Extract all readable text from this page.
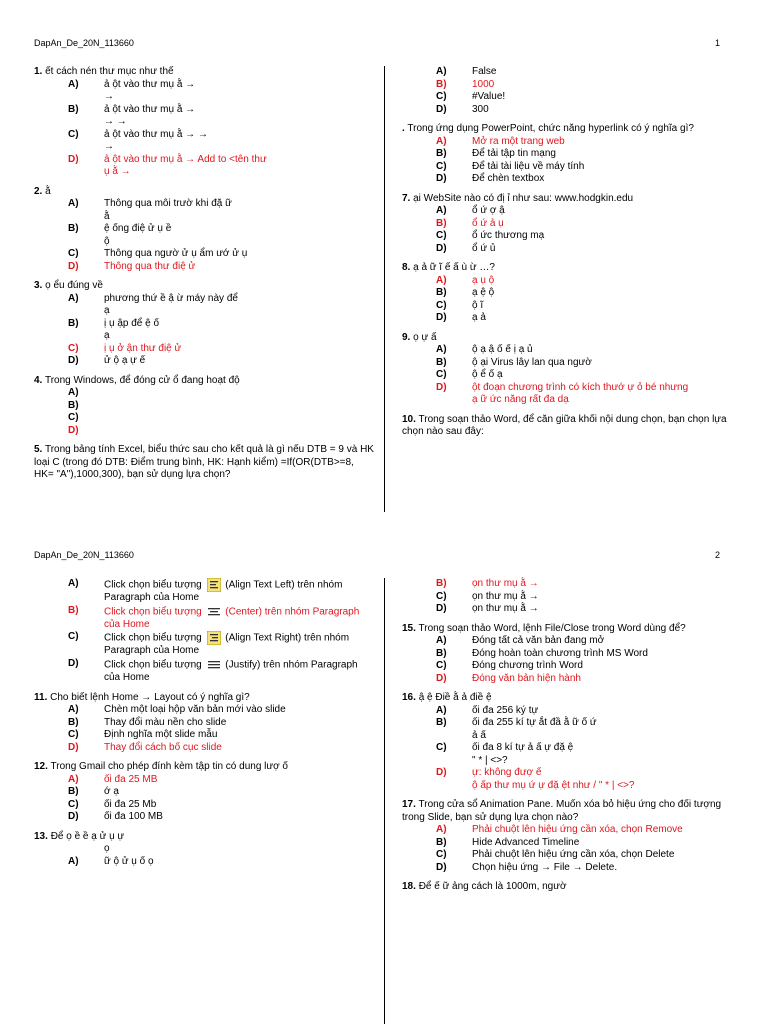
DapAn_De_20N_113660	1
1. ết cách nén thư mục như thế
A)	ả ột vào thư mụ ằ →
→
B)	ả ột vào thư mụ ằ →
→ →
C)	ả ột vào thư mụ ằ → →
→
D)	ả ột vào thư mụ ằ → Add to <tên thư
ụ ằ →
2. ằ
A)	Thông qua môi trườ khi đặ ữ
ằ
B)	ệ ống điệ ử ụ ề
ộ
C)	Thông qua ngườ ử ụ ẩm ướ ử ụ
D)	Thông qua thư điệ ử
3. ọ ểu đúng về
A)	phương thứ ề ậ ừ máy này để
ạ
B)	ị ụ ập để ệ ố
ạ
C)	ị ụ ở ận thư điệ ử
D)	ử ộ ạ ự ế
4. Trong Windows, để đóng cử ổ đang hoạt độ
A)
B)
C)
D)
5. Trong bảng tính Excel, biểu thức sau cho kết quả là gì nếu DTB = 9 và HK loại C (trong đó DTB: Điểm trung bình, HK: Hạnh kiểm) =If(OR(DTB>=8, HK= "A"),1000,300), bạn sử dụng lựa chọn?
A)	False
B)	1000
C)	#Value!
D)	300
. Trong ứng dụng PowerPoint, chức năng hyperlink có ý nghĩa gì?
A)	Mở ra một trang web
B)	Để tải tập tin mạng
C)	Để tải tài liệu về máy tính
D)	Để chèn textbox
7. ại WebSite nào có đị ỉ như sau: www.hodgkin.edu
A)	ổ ứ ợ ậ
B)	ổ ứ ả ụ
C)	ổ ức thương mạ
D)	ổ ứ ủ
8. ạ ả ữ ĩ ế ấ ù ừ …?
A)	ạ ụ ộ
B)	ạ ệ ộ
C)	ộ ĩ
D)	ạ ả
9. ọ ự ấ
A)	ộ ạ ậ ố ế ị ạ ủ
B)	ộ ại Virus lây lan qua ngườ
C)	ộ ể ố ạ
D)	ột đoạn chương trình có kích thướ ự ỏ bé nhưng
ạ ữ ức năng rất đa dạ
10. Trong soạn thảo Word, để căn giữa khối nội dung chọn, bạn chọn lựa chọn nào sau đây:
DapAn_De_20N_113660	2
A)	Click chọn biểu tượng
(Align Text Left) trên nhóm Paragraph của Home
B)	Click chọn biểu tượng
(Center) trên nhóm Paragraph của Home
C)	Click chọn biểu tượng
(Align Text Right) trên nhóm Paragraph của Home
D)	Click chọn biểu tượng
(Justify) trên nhóm Paragraph của Home
11. Cho biết lệnh Home → Layout có ý nghĩa gì?
A)	Chèn một loại hộp văn bản mới vào slide
B)	Thay đổi màu nền cho slide
C)	Định nghĩa một slide mẫu
D)	Thay đổi cách bố cục slide
12. Trong Gmail cho phép đính kèm tập tin có dung lượ ố
A)	ối đa 25 MB
B)	ớ ạ
C)	ối đa 25 Mb
D)	ối đa 100 MB
13. Để ọ ề ề ạ ử ụ ự
ọ
A)	ữ ộ ử ụ ố ọ
B)	ọn thư mụ ằ →
C)	ọn thư mụ ằ →
D)	ọn thư mụ ằ →
15. Trong soạn thảo Word, lệnh File/Close trong Word dùng để?
A)	Đóng tất cả văn bản đang mở
B)	Đóng hoàn toàn chương trình MS Word
C)	Đóng chương trình Word
D)	Đóng văn bản hiện hành
16. ậ ệ Điề ằ ả điề ệ
A)	ối đa 256 ký tự
B)	ối đa 255 kí tự ắt đầ ằ ữ ố ứ
ả ấ
C)	ối đa 8 kí tự ả ấ ự đặ ệ
" * | <>?
D)	ự: không đượ ế
ộ ấp thư mụ ứ ự đặ ệt như / " * | <>?
17. Trong cửa sổ Animation Pane. Muốn xóa bỏ hiệu ứng cho đối tượng trong Slide, bạn sử dụng lựa chọn nào?
A)	Phải chuột lên hiệu ứng cần xóa, chọn Remove
B)	Hide Advanced Timeline
C)	Phải chuột lên hiệu ứng cần xóa, chọn Delete
D)	Chọn hiệu ứng → File → Delete.
18. Để ế ữ ảng cách là 1000m, ngườ
